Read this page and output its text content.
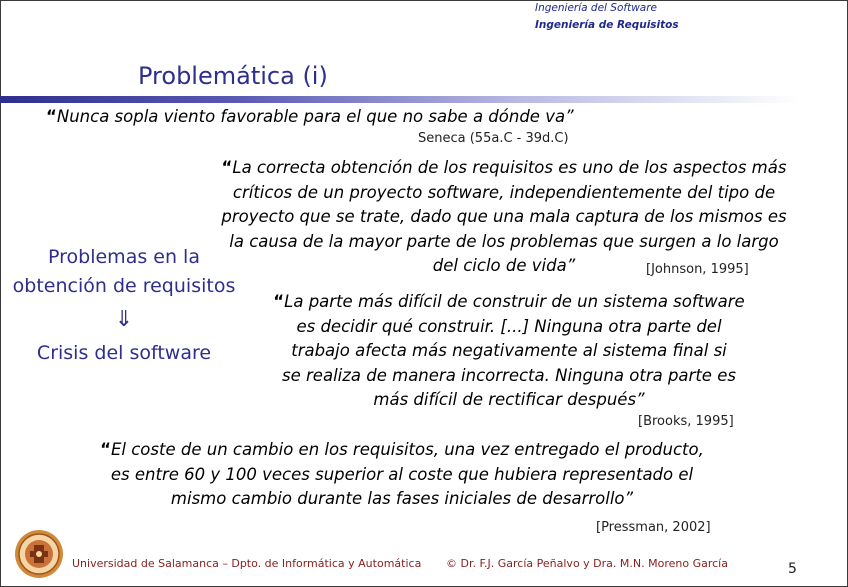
Ingeniería del Software
Ingeniería de Requisitos
Problemática (i)
“Nunca sopla viento favorable para el que no sabe a dónde va”
Seneca (55a.C - 39d.C)
“La correcta obtención de los requisitos es uno de los aspectos más
críticos de un proyecto software, independientemente del tipo de
proyecto que se trate, dado que una mala captura de los mismos es
la causa de la mayor parte de los problemas que surgen a lo largo
del ciclo de vida”	[Johnson, 1995]
Problemas en la
obtención de requisitos
⇓
Crisis del software
“La parte más difícil de construir de un sistema software
es decidir qué construir. [...] Ninguna otra parte del
trabajo afecta más negativamente al sistema final si
se realiza de manera incorrecta. Ninguna otra parte es
más difícil de rectificar después”
[Brooks, 1995]
“El coste de un cambio en los requisitos, una vez entregado el producto,
es entre 60 y 100 veces superior al coste que hubiera representado el
mismo cambio durante las fases iniciales de desarrollo”
[Pressman, 2002]
Universidad de Salamanca – Dpto. de Informática y Automática © Dr. F.J. García Peñalvo y Dra. M.N. Moreno García	5
